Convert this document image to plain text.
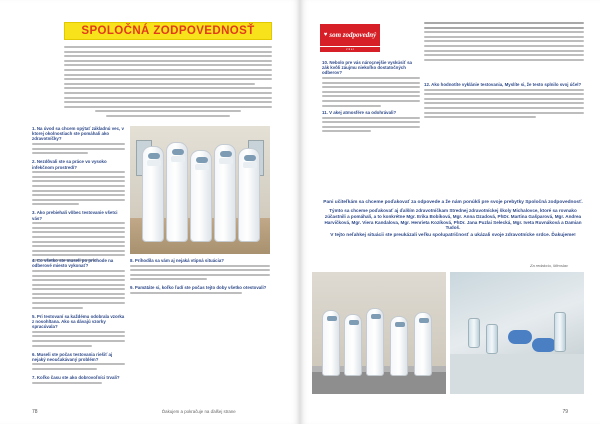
SPOLOČNÁ ZODPOVEDNOSŤ
1. Na úvod sa chcem opýtať základnú vec, v ktorej okolnostiach ste pomáhali ako zdravotníčky?
2. Nezdôvali ste sa práce vo vysoko infekčnom prostredí?
3. Ako prebiehali vôbec testovanie všetci vás?
4. Co všetko ste museli po príchode na odberové miesto vykonať?
5. Pri testovaní sa každému odobrala vzorka z nosohltana. Ako sa dávajú vzorky spracúvala?
6. Museli ste počas testovania riešiť aj nejaký neoučakávaný problém?
7. Koľko času ste ako dobrovoľníci trvali?
8. Príhodila sa vám aj nejaká vtipná situácia?
9. Pamätáte si, koľko ľudí ste počas tejto doby všetko otestovali?
Ďakujem a pokračuje na ďalšej strane
78
♥ som zodpovedný
z š s i
10. Nebolo pre vás nároçnejšie vyskúsiť sa zák kvôli záujmu niekoľko dostatočných odberov?
12. Ako hodnotíte vyklánie testovania, Myslíte si, že testo splnilo svoj účel?
11. V akej atmosfére sa odohrávali?
Pani učiteľkám sa chceme poďakovať za odpovede a že nám ponúkli pre svoje prebytky Spoločná zodpovednosť.
Týmto sa chceme poďakovať aj ďalším zdravotníčkam Strednej zdravotníckej školy Michalovce, ktoré sa rovnako zúčastnili a pomáhali, a to konkrétne Mgr. Erika Bobíková, Mgr. Anna Dzadová, PhDr. Martina Gašparová, Mgr. Andrea Harvičková, Mgr. Viera Kandalova, Mgr. Henrieta Kozíková, PhDr. Jana Puzlai Selecká, Mgr. Iveta Ruvnáková a Damian Tudoš.
V tejto neľahkej situácii ste preukázali veľku spolupatričnosť a ukázali svoje zdravotnícke srdce. Ďakujeme!
Za redakciu, Miroslav
79
